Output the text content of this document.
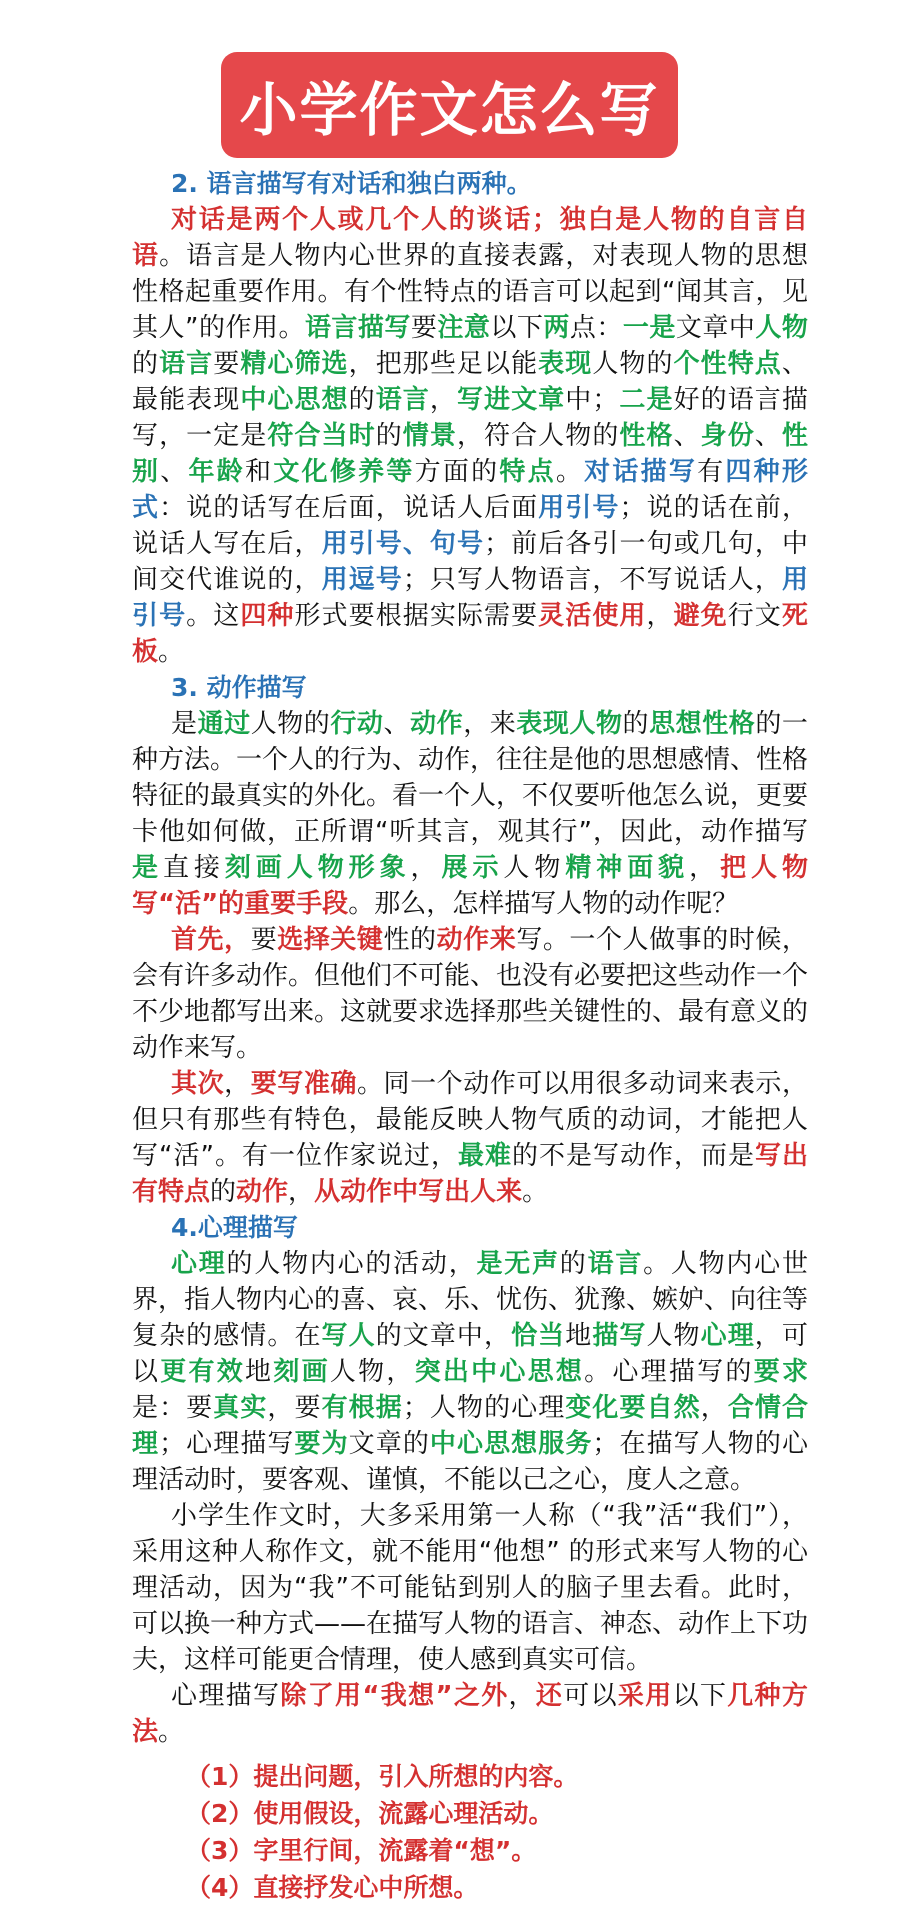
小学作文怎么写

2. 语言描写有对话和独白两种。

对话是两个人或几个人的谈话；独白是人物的自言自语。语言是人物内心世界的直接表露，对表现人物的思想性格起重要作用。有个性特点的语言可以起到“闻其言，见其人”的作用。语言描写要注意以下两点：一是文章中人物的语言要精心筛选，把那些足以能表现人物的个性特点、最能表现中心思想的语言，写进文章中；二是好的语言描写，一定是符合当时的情景，符合人物的性格、身份、性别、年龄和文化修养等方面的特点。对话描写有四种形式：说的话写在后面，说话人后面用引号；说的话在前，说话人写在后，用引号、句号；前后各引一句或几句，中间交代谁说的，用逗号；只写人物语言，不写说话人，用引号。这四种形式要根据实际需要灵活使用，避免行文死板。

3. 动作描写

是通过人物的行动、动作，来表现人物的思想性格的一种方法。一个人的行为、动作，往往是他的思想感情、性格特征的最真实的外化。看一个人，不仅要听他怎么说，更要卡他如何做，正所谓“听其言，观其行”，因此，动作描写是直接刻画人物形象，展示人物精神面貌，把人物写“活”的重要手段。那么，怎样描写人物的动作呢？

首先，要选择关键性的动作来写。一个人做事的时候，会有许多动作。但他们不可能、也没有必要把这些动作一个不少地都写出来。这就要求选择那些关键性的、最有意义的动作来写。

其次，要写准确。同一个动作可以用很多动词来表示，但只有那些有特色，最能反映人物气质的动词，才能把人写“活”。有一位作家说过，最难的不是写动作，而是写出有特点的动作，从动作中写出人来。

4.心理描写

心理的人物内心的活动，是无声的语言。人物内心世界，指人物内心的喜、哀、乐、忧伤、犹豫、嫉妒、向往等复杂的感情。在写人的文章中，恰当地描写人物心理，可以更有效地刻画人物，突出中心思想。心理描写的要求是：要真实，要有根据；人物的心理变化要自然，合情合理；心理描写要为文章的中心思想服务；在描写人物的心理活动时，要客观、谨慎，不能以己之心，度人之意。

小学生作文时，大多采用第一人称（“我”活“我们”），采用这种人称作文，就不能用“他想” 的形式来写人物的心理活动，因为“我”不可能钻到别人的脑子里去看。此时，可以换一种方式——在描写人物的语言、神态、动作上下功夫，这样可能更合情理，使人感到真实可信。

心理描写除了用“我想”之外，还可以采用以下几种方法。

（1）提出问题，引入所想的内容。
（2）使用假设，流露心理活动。
（3）字里行间，流露着“想”。
（4）直接抒发心中所想。
